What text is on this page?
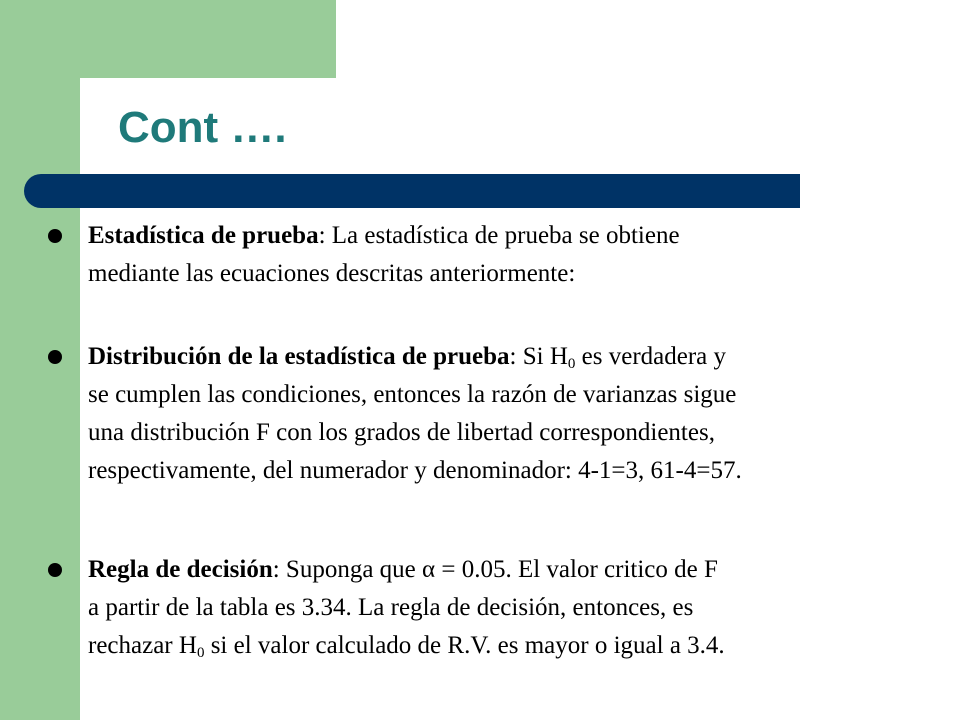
Cont ….

Estadística de prueba: La estadística de prueba se obtiene
mediante las ecuaciones descritas anteriormente:

Distribución de la estadística de prueba: Si $H_0$ es verdadera y
se cumplen las condiciones, entonces la razón de varianzas sigue
una distribución F con los grados de libertad correspondientes,
respectivamente, del numerador y denominador: 4-1=3, 61-4=57.

Regla de decisión: Suponga que α = 0.05. El valor critico de F
a partir de la tabla es 3.34. La regla de decisión, entonces, es
rechazar $H_0$ si el valor calculado de R.V. es mayor o igual a 3.4.
